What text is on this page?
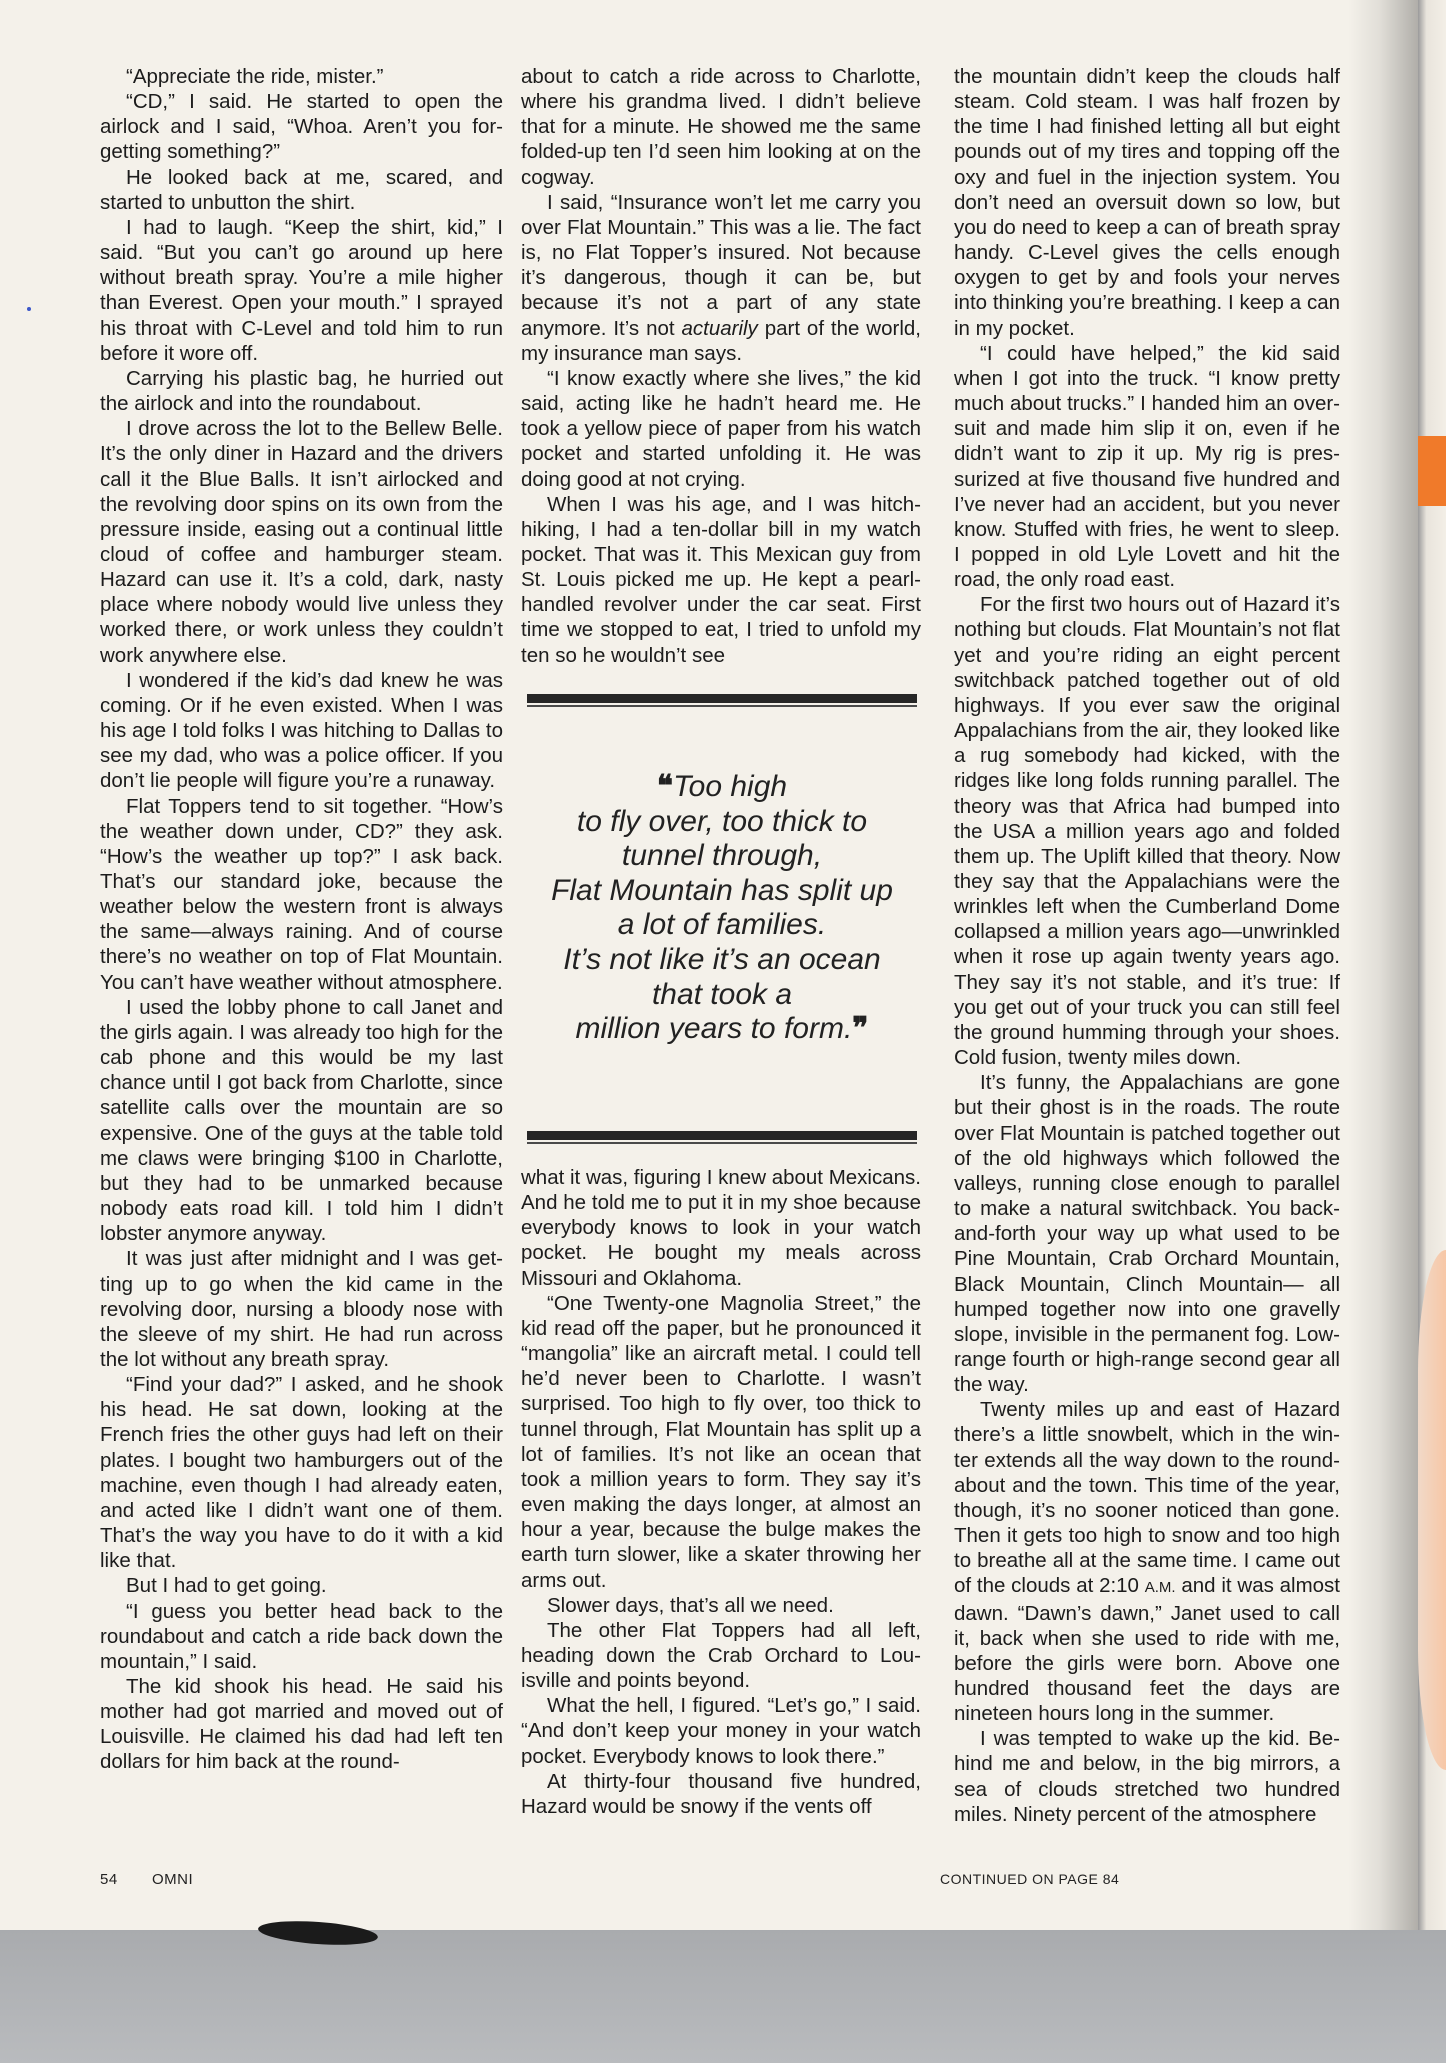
“Appreciate the ride, mister.”

“CD,” I said. He started to open the airlock and I said, “Whoa. Aren’t you forgetting something?”

He looked back at me, scared, and started to unbutton the shirt.

I had to laugh. “Keep the shirt, kid,” I said. “But you can’t go around up here without breath spray. You’re a mile higher than Everest. Open your mouth.” I sprayed his throat with C-Level and told him to run before it wore off.

Carrying his plastic bag, he hurried out the airlock and into the roundabout.

I drove across the lot to the Bellew Belle. It’s the only diner in Hazard and the drivers call it the Blue Balls. It isn’t airlocked and the revolving door spins on its own from the pressure inside, easing out a continual little cloud of coffee and hamburger steam. Hazard can use it. It’s a cold, dark, nasty place where nobody would live unless they worked there, or work unless they couldn’t work anywhere else.

I wondered if the kid’s dad knew he was coming. Or if he even existed. When I was his age I told folks I was hitching to Dallas to see my dad, who was a police officer. If you don’t lie people will figure you’re a runaway.

Flat Toppers tend to sit together. “How’s the weather down under, CD?” they ask. “How’s the weather up top?” I ask back. That’s our standard joke, because the weather below the western front is always the same—always raining. And of course there’s no weather on top of Flat Mountain. You can’t have weather without atmosphere.

I used the lobby phone to call Janet and the girls again. I was already too high for the cab phone and this would be my last chance until I got back from Charlotte, since satellite calls over the mountain are so expensive. One of the guys at the table told me claws were bringing $100 in Charlotte, but they had to be unmarked because nobody eats road kill. I told him I didn’t lobster anymore anyway.

It was just after midnight and I was getting up to go when the kid came in the revolving door, nursing a bloody nose with the sleeve of my shirt. He had run across the lot without any breath spray.

“Find your dad?” I asked, and he shook his head. He sat down, looking at the French fries the other guys had left on their plates. I bought two hamburgers out of the machine, even though I had already eaten, and acted like I didn’t want one of them. That’s the way you have to do it with a kid like that.

But I had to get going.

“I guess you better head back to the roundabout and catch a ride back down the mountain,” I said.

The kid shook his head. He said his mother had got married and moved out of Louisville. He claimed his dad had left ten dollars for him back at the round-

about to catch a ride across to Charlotte, where his grandma lived. I didn’t believe that for a minute. He showed me the same folded-up ten I’d seen him looking at on the cogway.

I said, “Insurance won’t let me carry you over Flat Mountain.” This was a lie. The fact is, no Flat Topper’s insured. Not because it’s dangerous, though it can be, but because it’s not a part of any state anymore. It’s not actuarily part of the world, my insurance man says.

“I know exactly where she lives,” the kid said, acting like he hadn’t heard me. He took a yellow piece of paper from his watch pocket and started unfolding it. He was doing good at not crying.

When I was his age, and I was hitchhiking, I had a ten-dollar bill in my watch pocket. That was it. This Mexican guy from St. Louis picked me up. He kept a pearl-handled revolver under the car seat. First time we stopped to eat, I tried to unfold my ten so he wouldn’t see

❝Too high
to fly over, too thick to
tunnel through,
Flat Mountain has split up
a lot of families.
It’s not like it’s an ocean
that took a
million years to form.❞

what it was, figuring I knew about Mexicans. And he told me to put it in my shoe because everybody knows to look in your watch pocket. He bought my meals across Missouri and Oklahoma.

“One Twenty-one Magnolia Street,” the kid read off the paper, but he pronounced it “mangolia” like an aircraft metal. I could tell he’d never been to Charlotte. I wasn’t surprised. Too high to fly over, too thick to tunnel through, Flat Mountain has split up a lot of families. It’s not like an ocean that took a million years to form. They say it’s even making the days longer, at almost an hour a year, because the bulge makes the earth turn slower, like a skater throwing her arms out.

Slower days, that’s all we need.

The other Flat Toppers had all left, heading down the Crab Orchard to Louisville and points beyond.

What the hell, I figured. “Let’s go,” I said. “And don’t keep your money in your watch pocket. Everybody knows to look there.”

At thirty-four thousand five hundred, Hazard would be snowy if the vents off

the mountain didn’t keep the clouds half steam. Cold steam. I was half frozen by the time I had finished letting all but eight pounds out of my tires and topping off the oxy and fuel in the injection system. You don’t need an oversuit down so low, but you do need to keep a can of breath spray handy. C-Level gives the cells enough oxygen to get by and fools your nerves into thinking you’re breathing. I keep a can in my pocket.

“I could have helped,” the kid said when I got into the truck. “I know pretty much about trucks.” I handed him an oversuit and made him slip it on, even if he didn’t want to zip it up. My rig is pressurized at five thousand five hundred and I’ve never had an accident, but you never know. Stuffed with fries, he went to sleep. I popped in old Lyle Lovett and hit the road, the only road east.

For the first two hours out of Hazard it’s nothing but clouds. Flat Mountain’s not flat yet and you’re riding an eight percent switchback patched together out of old highways. If you ever saw the original Appalachians from the air, they looked like a rug somebody had kicked, with the ridges like long folds running parallel. The theory was that Africa had bumped into the USA a million years ago and folded them up. The Uplift killed that theory. Now they say that the Appalachians were the wrinkles left when the Cumberland Dome collapsed a million years ago—unwrinkled when it rose up again twenty years ago. They say it’s not stable, and it’s true: If you get out of your truck you can still feel the ground humming through your shoes. Cold fusion, twenty miles down.

It’s funny, the Appalachians are gone but their ghost is in the roads. The route over Flat Mountain is patched together out of the old highways which followed the valleys, running close enough to parallel to make a natural switchback. You back-and-forth your way up what used to be Pine Mountain, Crab Orchard Mountain, Black Mountain, Clinch Mountain— all humped together now into one gravelly slope, invisible in the permanent fog. Low-range fourth or high-range second gear all the way.

Twenty miles up and east of Hazard there’s a little snowbelt, which in the winter extends all the way down to the roundabout and the town. This time of the year, though, it’s no sooner noticed than gone. Then it gets too high to snow and too high to breathe all at the same time. I came out of the clouds at 2:10 A.M. and it was almost dawn. “Dawn’s dawn,” Janet used to call it, back when she used to ride with me, before the girls were born. Above one hundred thousand feet the days are nineteen hours long in the summer.

I was tempted to wake up the kid. Behind me and below, in the big mirrors, a sea of clouds stretched two hundred miles. Ninety percent of the atmosphere

54 OMNI	CONTINUED ON PAGE 84
